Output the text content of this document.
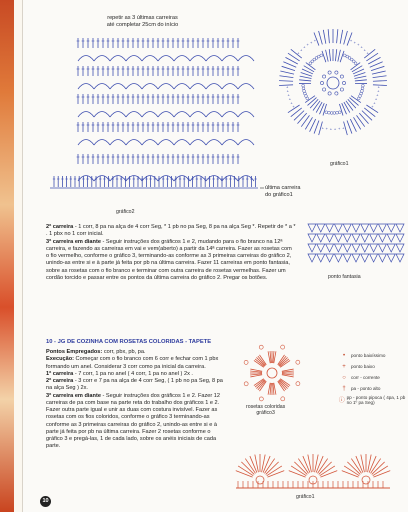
repetir as 3 últimas carreiras
até completar 25cm do início
gráfico2
última carreira
do gráfico1
+ + + +
+
+
+
+
+
+
+
+
+
+
+
+
+
+
+
+
+
+
+
+
+
+
+ + + +
gráfico1
ponto fantasia
2ª carreira - 1 corr, 8 pa na alça de 4 corr Seg, * 1 pb no pa Seg, 8 pa na alça Seg *. Repetir de * a * . 1 pbx no 1 corr inicial.
3ª carreira em diante - Seguir instruções dos gráficos 1 e 2, mudando para o fio branco na 12ª carreira, e fazendo as carreiras em vai e vem(aberto) a partir da 14ª carreira. Fazer as rosetas com o fio vermelho, conforme o gráfico 3, terminando-as conforme as 3 primeiras carreiras do gráfico 2, unindo-as entre si e à parte já feita por pb na última carreira. Fazer 11 carreiras em ponto fantasia, sobre as rosetas com o fio branco e terminar com outra carreira de rosetas vermelhas. Fazer um cordão torcido e passar entre os pontos da última carreira do gráfico 2. Pregar os botões.
10 - JG DE COZINHA COM ROSETAS COLORIDAS - TAPETE
Pontos Empregados: corr, pbx, pb, pa.
Execução: Começar com o fio branco com 6 corr e fechar com 1 pbx formando um anel. Considerar 3 corr como pa inicial da carreira.
1ª carreira - 7 corr, 1 pa no anel ( 4 corr, 1 pa no anel ) 2x .
2ª carreira - 3 corr e 7 pa na alça de 4 corr Seg, ( 1 pb no pa Seg, 8 pa na alça Seg ) 2x.
3ª carreira em diante - Seguir instruções dos gráficos 1 e 2. Fazer 12 carreiras de pa com base na parte reta do trabalho dos gráficos 1 e 2. Fazer outra parte igual e unir as duas com costura invisível. Fazer as rosetas com os fios coloridos, conforme o gráfico 3 terminando-as conforme as 3 primeiras carreiras do gráfico 2, unindo-as entre si e à parte já feita por pb na última carreira. Fazer 2 rosetas conforme o gráfico 3 e pregá-las, 1 de cada lado, sobre os anéis iniciais de cada parte.
rosetas coloridas
gráfico3
•	ponto baixíssimo
+	ponto baixo
○	corr - corrente
†	pa - ponto alto
ⓘ
pp - ponto pipoca ( 4pa, 1 pb no 1º pa Seg)
gráfico1
10
